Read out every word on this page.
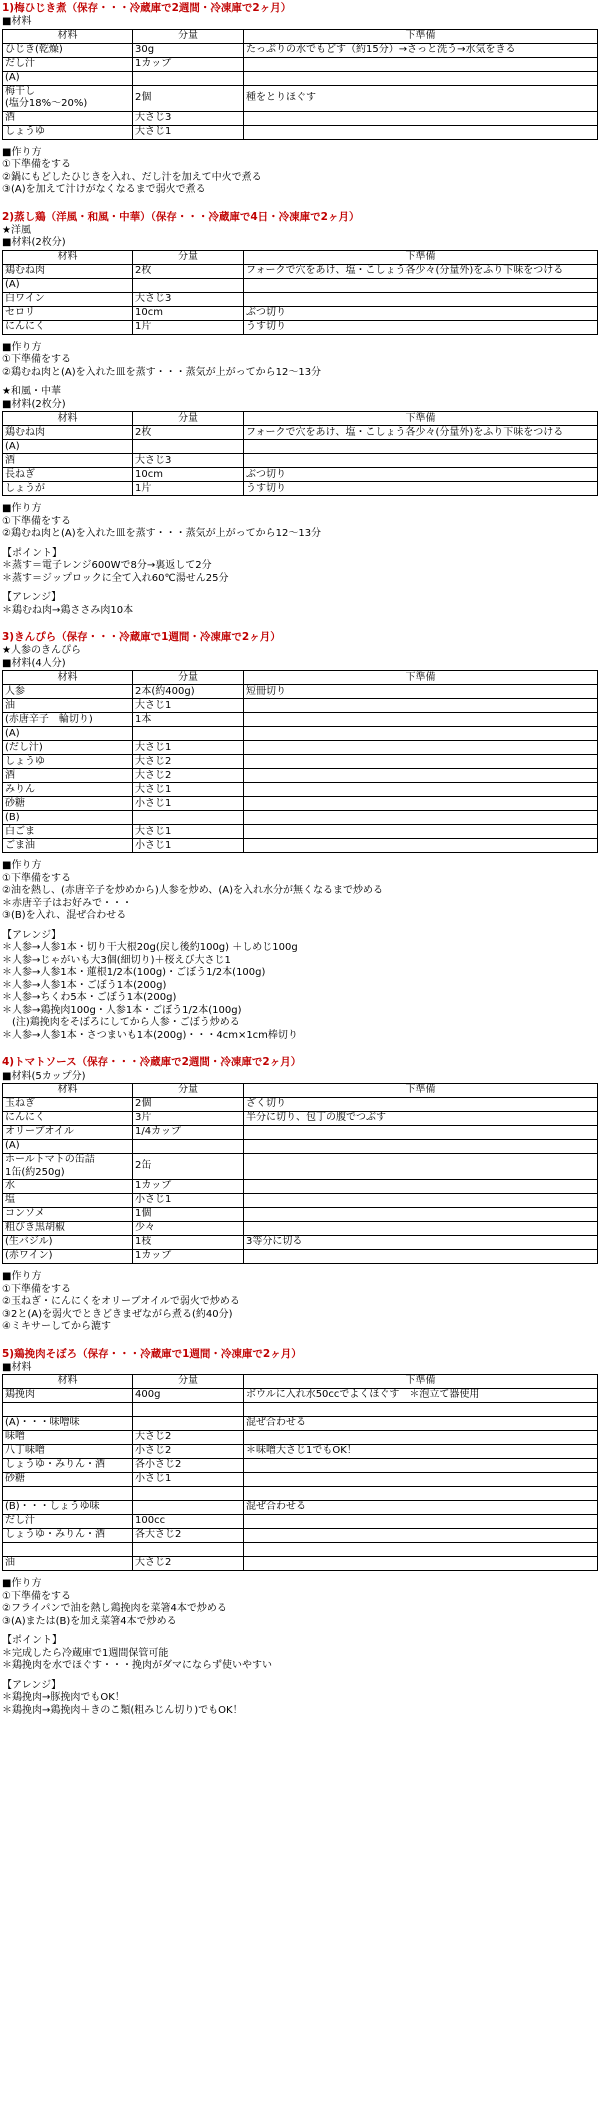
1)梅ひじき煮（保存・・・冷蔵庫で2週間・冷凍庫で2ヶ月）
■材料
材料	分量	下準備
ひじき(乾燥)	30g	たっぷりの水でもどす（約15分）→さっと洗う→水気をきる
だし汁	1カップ	
(A)		
梅干し
(塩分18%～20%)	2個	種をとりほぐす
酒	大さじ3	
しょうゆ	大さじ1	
■作り方
①下準備をする
②鍋にもどしたひじきを入れ、だし汁を加えて中火で煮る
③(A)を加えて汁けがなくなるまで弱火で煮る
2)蒸し鶏（洋風・和風・中華）（保存・・・冷蔵庫で4日・冷凍庫で2ヶ月）
★洋風
■材料(2枚分)
材料	分量	下準備
鶏むね肉	2枚	フォークで穴をあけ、塩・こしょう各少々(分量外)をふり下味をつける
(A)		
白ワイン	大さじ3	
セロリ	10cm	ぶつ切り
にんにく	1片	うす切り
■作り方
①下準備をする
②鶏むね肉と(A)を入れた皿を蒸す・・・蒸気が上がってから12～13分
★和風・中華
■材料(2枚分)
材料	分量	下準備
鶏むね肉	2枚	フォークで穴をあけ、塩・こしょう各少々(分量外)をふり下味をつける
(A)		
酒	大さじ3	
長ねぎ	10cm	ぶつ切り
しょうが	1片	うす切り
■作り方
①下準備をする
②鶏むね肉と(A)を入れた皿を蒸す・・・蒸気が上がってから12～13分
【ポイント】
＊蒸す＝電子レンジ600Wで8分→裏返して2分
＊蒸す＝ジップロックに全て入れ60℃湯せん25分
【アレンジ】
＊鶏むね肉→鶏ささみ肉10本
3)きんぴら（保存・・・冷蔵庫で1週間・冷凍庫で2ヶ月）
★人参のきんぴら
■材料(4人分)
材料	分量	下準備
人参	2本(約400g)	短冊切り
油	大さじ1	
(赤唐辛子　輪切り)	1本	
(A)		
(だし汁)	大さじ1	
しょうゆ	大さじ2	
酒	大さじ2	
みりん	大さじ1	
砂糖	小さじ1	
(B)		
白ごま	大さじ1	
ごま油	小さじ1	
■作り方
①下準備をする
②油を熱し、(赤唐辛子を炒めから)人参を炒め、(A)を入れ水分が無くなるまで炒める
＊赤唐辛子はお好みで・・・
③(B)を入れ、混ぜ合わせる
【アレンジ】
＊人参→人参1本・切り干大根20g(戻し後約100g) ＋しめじ100g
＊人参→じゃがいも大3個(細切り)＋桜えび大さじ1
＊人参→人参1本・蓮根1/2本(100g)・ごぼう1/2本(100g)
＊人参→人参1本・ごぼう1本(200g)
＊人参→ちくわ5本・ごぼう1本(200g)
＊人参→鶏挽肉100g・人参1本・ごぼう1/2本(100g)
　(注)鶏挽肉をそぼろにしてから人参・ごぼう炒める
＊人参→人参1本・さつまいも1本(200g)・・・4cm×1cm棒切り
4)トマトソース（保存・・・冷蔵庫で2週間・冷凍庫で2ヶ月）
■材料(5カップ分)
材料	分量	下準備
玉ねぎ	2個	ざく切り
にんにく	3片	半分に切り、包丁の腹でつぶす
オリーブオイル	1/4カップ	
(A)		
ホールトマトの缶詰
1缶(約250g)	2缶	
水	1カップ	
塩	小さじ1	
コンソメ	1個	
粗びき黒胡椒	少々	
(生バジル)	1枝	3等分に切る
(赤ワイン)	1カップ	
■作り方
①下準備をする
②玉ねぎ・にんにくをオリーブオイルで弱火で炒める
③2と(A)を弱火でときどきまぜながら煮る(約40分)
④ミキサーしてから漉す
5)鶏挽肉そぼろ（保存・・・冷蔵庫で1週間・冷凍庫で2ヶ月）
■材料
材料	分量	下準備
鶏挽肉	400g	ボウルに入れ水50ccでよくほぐす　＊泡立て器使用

(A)・・・味噌味		混ぜ合わせる
味噌	大さじ2	
八丁味噌	小さじ2	＊味噌大さじ1でもOK！
しょうゆ・みりん・酒	各小さじ2	
砂糖	小さじ1	

(B)・・・しょうゆ味		混ぜ合わせる
だし汁	100cc	
しょうゆ・みりん・酒	各大さじ2	

油	大さじ2	
■作り方
①下準備をする
②フライパンで油を熱し鶏挽肉を菜箸4本で炒める
③(A)または(B)を加え菜箸4本で炒める
【ポイント】
＊完成したら冷蔵庫で1週間保管可能
＊鶏挽肉を水でほぐす・・・挽肉がダマにならず使いやすい
【アレンジ】
＊鶏挽肉→豚挽肉でもOK！
＊鶏挽肉→鶏挽肉＋きのこ類(粗みじん切り)でもOK！
